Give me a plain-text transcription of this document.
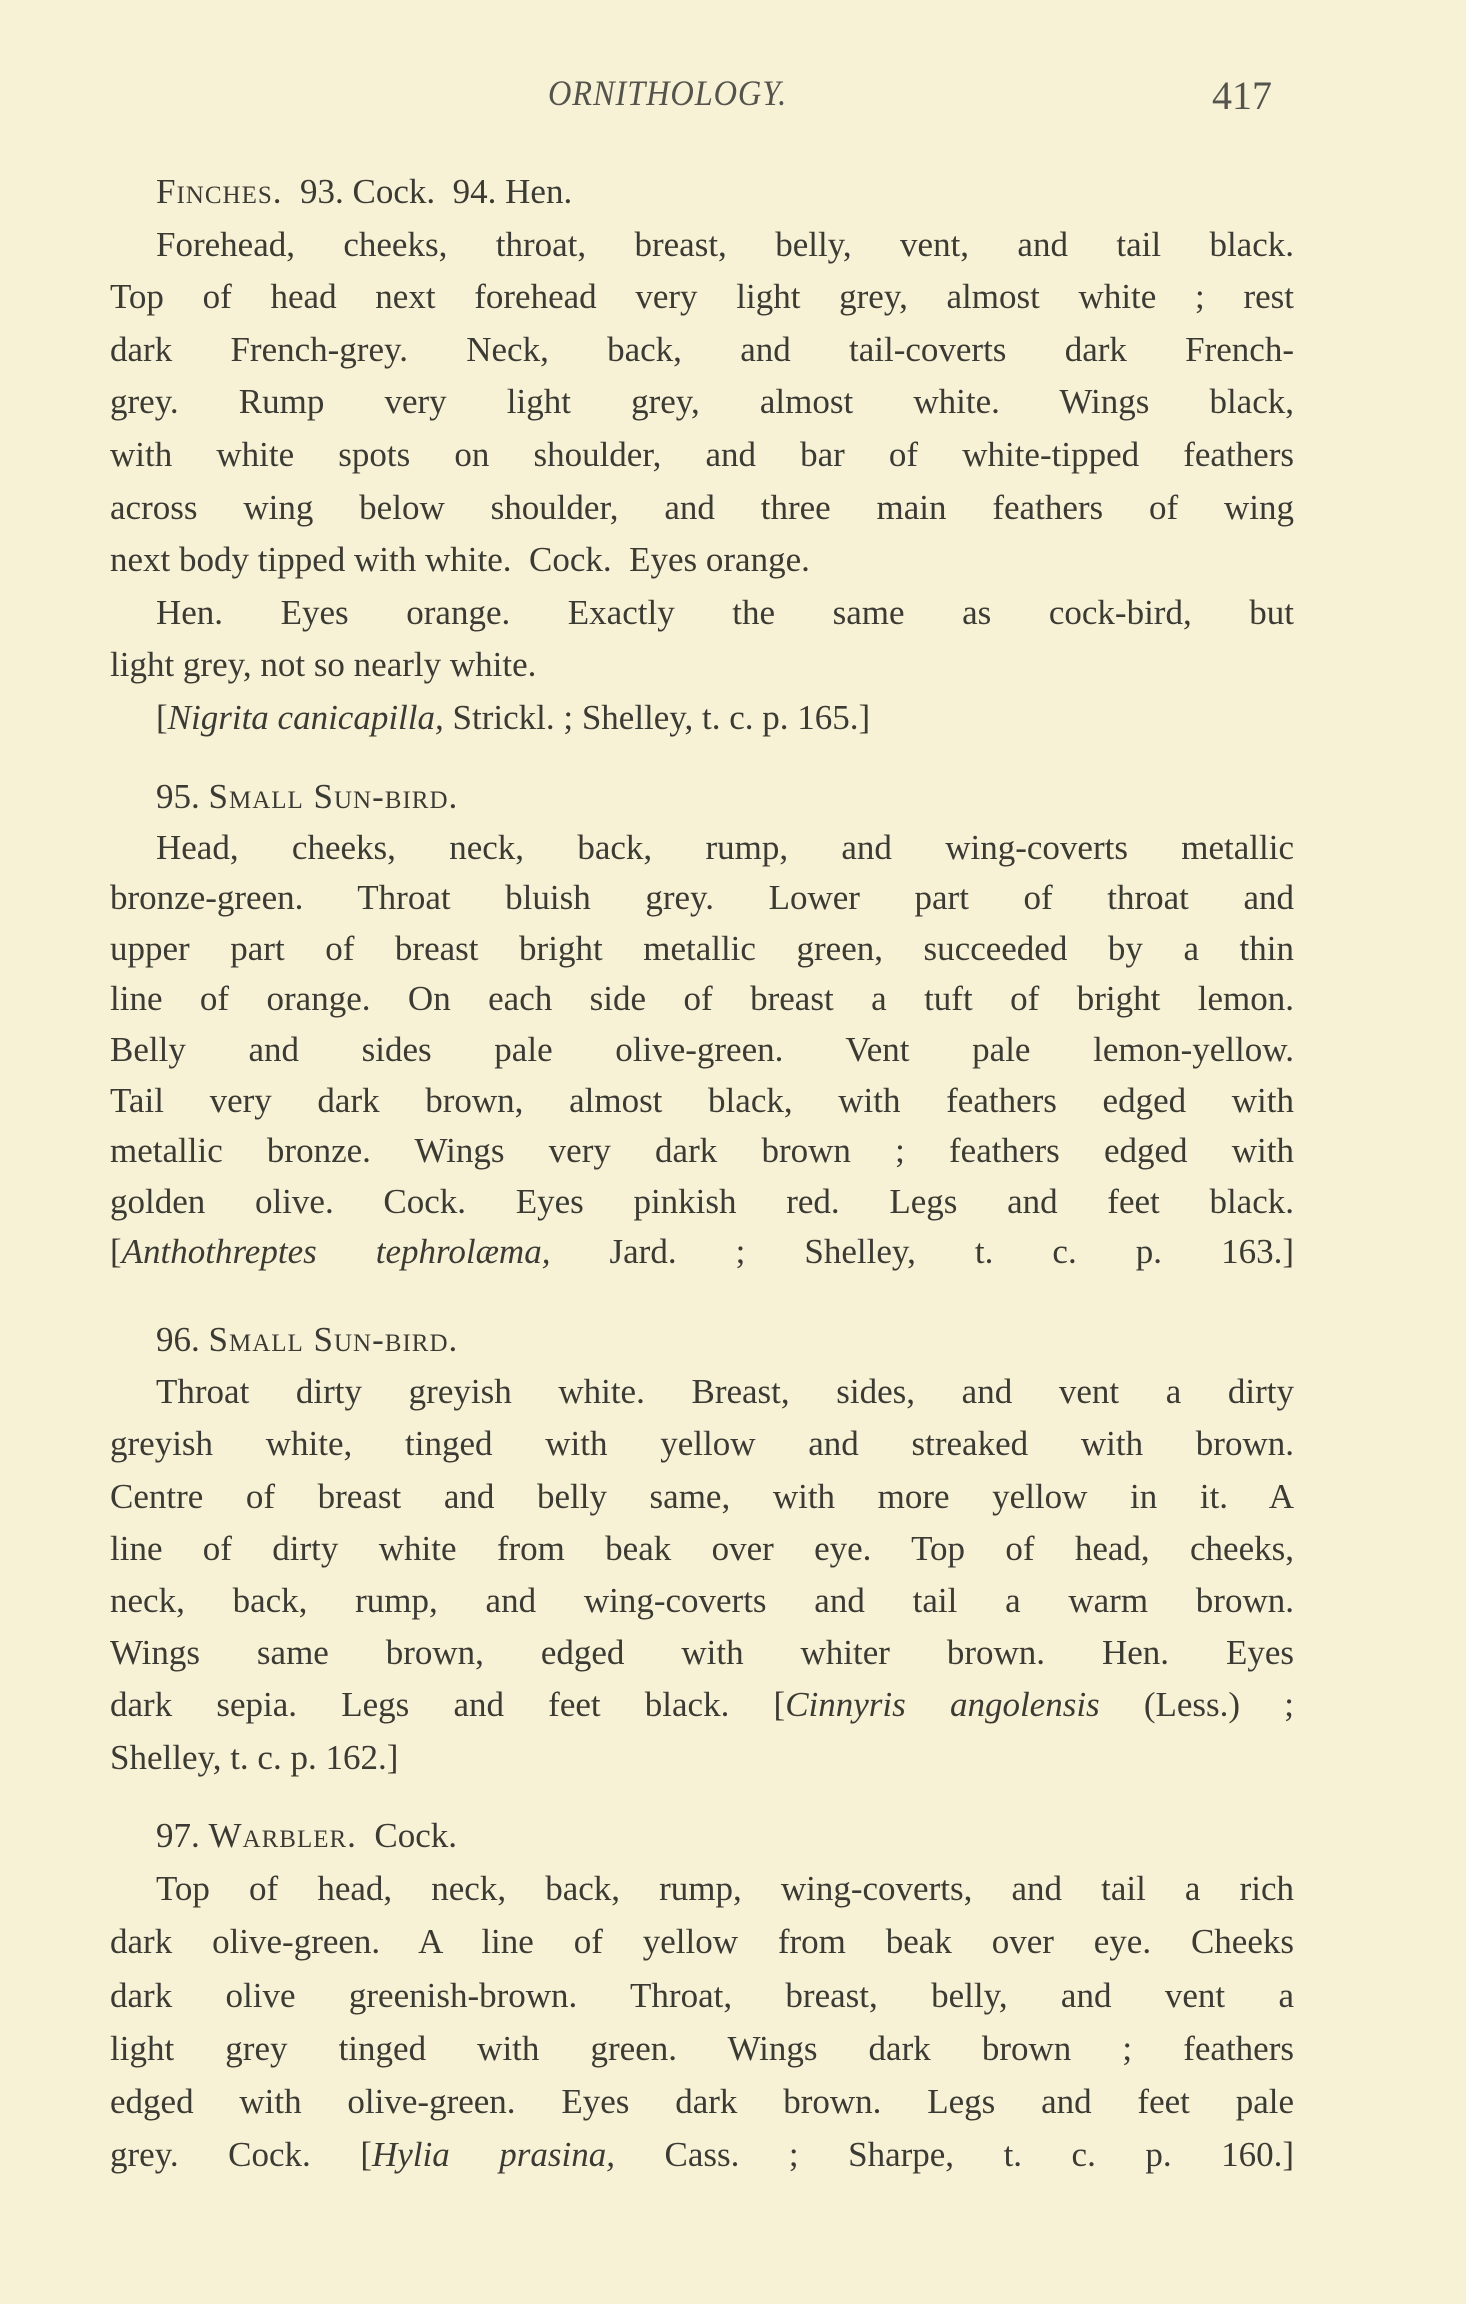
ORNITHOLOGY.	417
Finches.  93. Cock.  94. Hen.
Forehead, cheeks, throat, breast, belly, vent, and tail black.
Top of head next forehead very light grey, almost white ; rest
dark French-grey. Neck, back, and tail-coverts dark French-
grey. Rump very light grey, almost white. Wings black,
with white spots on shoulder, and bar of white-tipped feathers
across wing below shoulder, and three main feathers of wing
next body tipped with white.  Cock.  Eyes orange.
Hen. Eyes orange. Exactly the same as cock-bird, but
light grey, not so nearly white.
[Nigrita canicapilla, Strickl. ; Shelley, t. c. p. 165.]
95. Small Sun-bird.
Head, cheeks, neck, back, rump, and wing-coverts metallic
bronze-green. Throat bluish grey. Lower part of throat and
upper part of breast bright metallic green, succeeded by a thin
line of orange. On each side of breast a tuft of bright lemon.
Belly and sides pale olive-green. Vent pale lemon-yellow.
Tail very dark brown, almost black, with feathers edged with
metallic bronze. Wings very dark brown ; feathers edged with
golden olive. Cock. Eyes pinkish red. Legs and feet black.
[Anthothreptes tephrolæma, Jard. ; Shelley, t. c. p. 163.]
96. Small Sun-bird.
Throat dirty greyish white. Breast, sides, and vent a dirty
greyish white, tinged with yellow and streaked with brown.
Centre of breast and belly same, with more yellow in it. A
line of dirty white from beak over eye. Top of head, cheeks,
neck, back, rump, and wing-coverts and tail a warm brown.
Wings same brown, edged with whiter brown. Hen. Eyes
dark sepia. Legs and feet black. [Cinnyris angolensis (Less.) ;
Shelley, t. c. p. 162.]
97. Warbler.  Cock.
Top of head, neck, back, rump, wing-coverts, and tail a rich
dark olive-green. A line of yellow from beak over eye. Cheeks
dark olive greenish-brown. Throat, breast, belly, and vent a
light grey tinged with green. Wings dark brown ; feathers
edged with olive-green. Eyes dark brown. Legs and feet pale
grey. Cock. [Hylia prasina, Cass. ; Sharpe, t. c. p. 160.]
